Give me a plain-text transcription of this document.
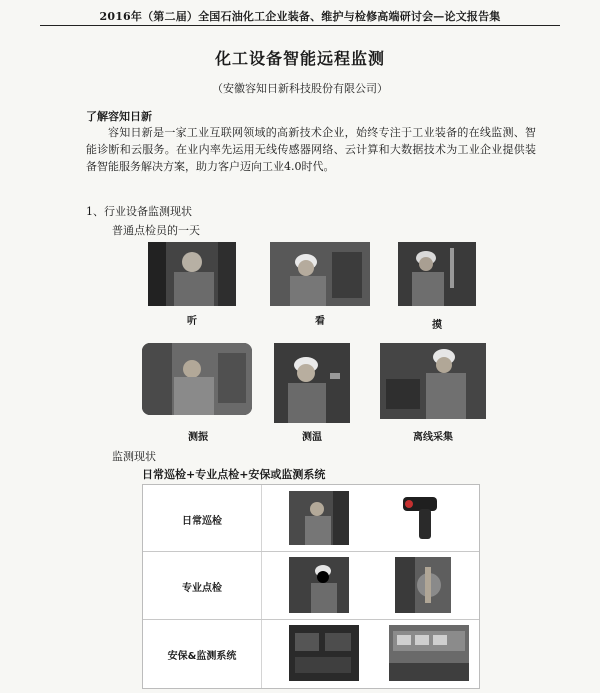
2016年（第二届）全国石油化工企业装备、维护与检修高端研讨会—论文报告集
化工设备智能远程监测
（安徽容知日新科技股份有限公司）
了解容知日新
容知日新是一家工业互联网领域的高新技术企业，始终专注于工业装备的在线监测、智能诊断和云服务。在业内率先运用无线传感器网络、云计算和大数据技术为工业企业提供装备智能服务解决方案，助力客户迈向工业4.0时代。
1、行业设备监测现状
普通点检员的一天
听	看	摸
测振	测温	离线采集
监测现状
日常巡检+专业点检+安保或监测系统
日常巡检
专业点检
安保&监测系统
